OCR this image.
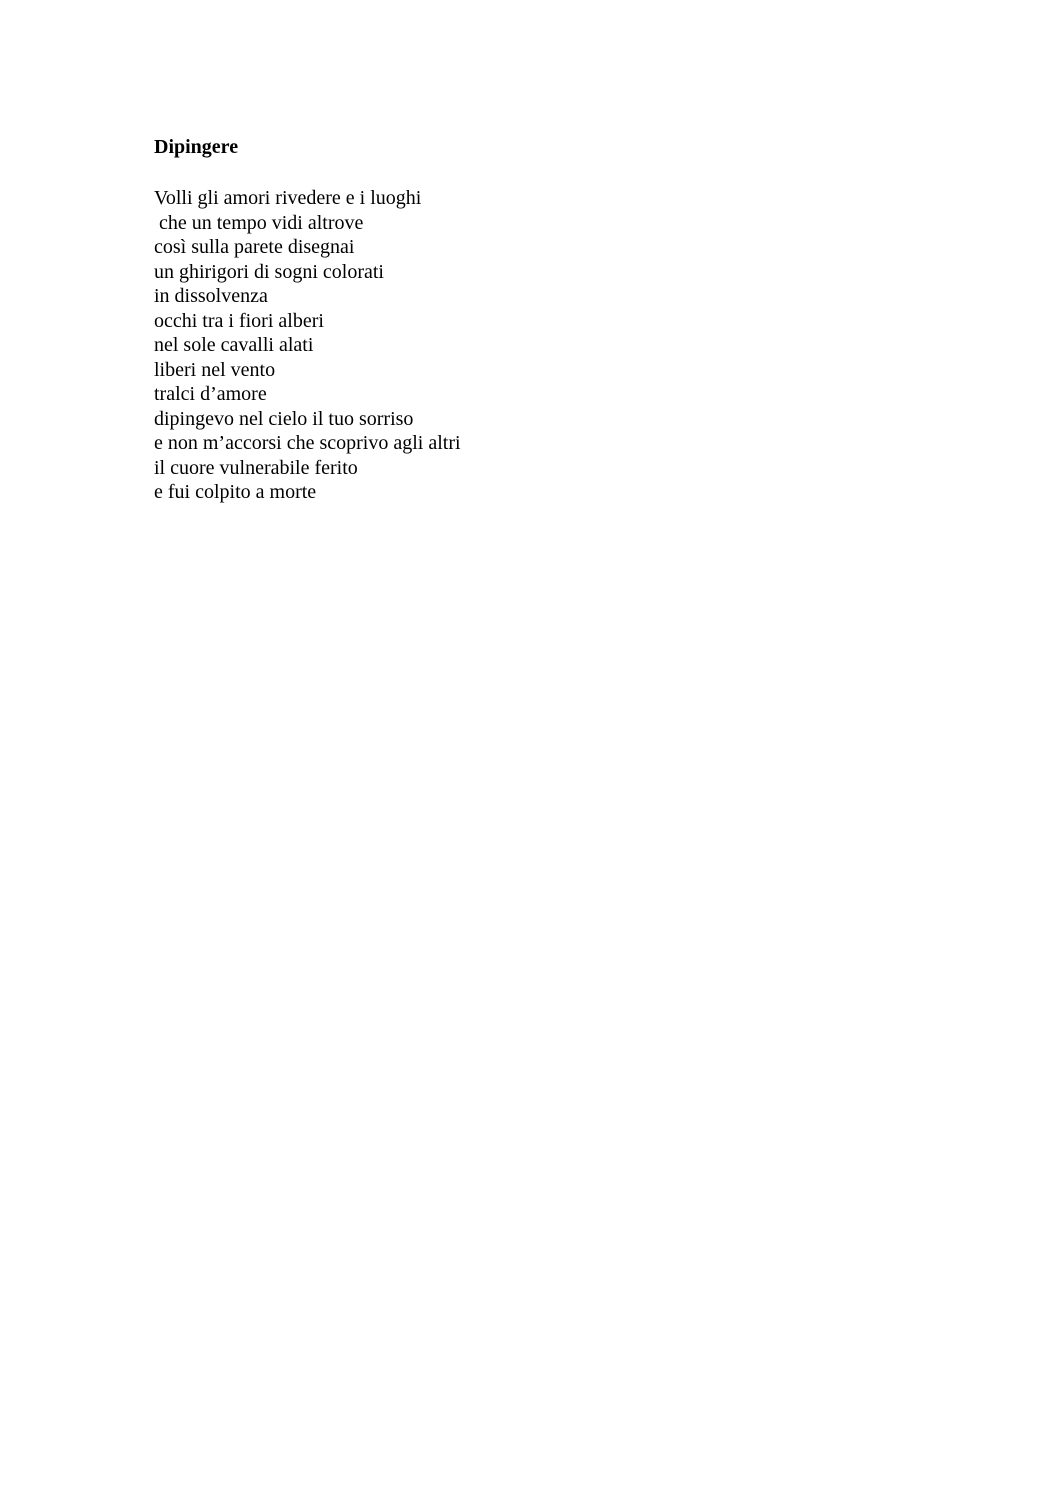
Dipingere
Volli gli amori rivedere e i luoghi
che un tempo vidi altrove
così sulla parete disegnai
un ghirigori di sogni colorati
in dissolvenza
occhi tra i fiori alberi
nel sole cavalli alati
liberi nel vento
tralci d’amore
dipingevo nel cielo il tuo sorriso
e non m’accorsi che scoprivo agli altri
il cuore vulnerabile ferito
e fui colpito a morte
